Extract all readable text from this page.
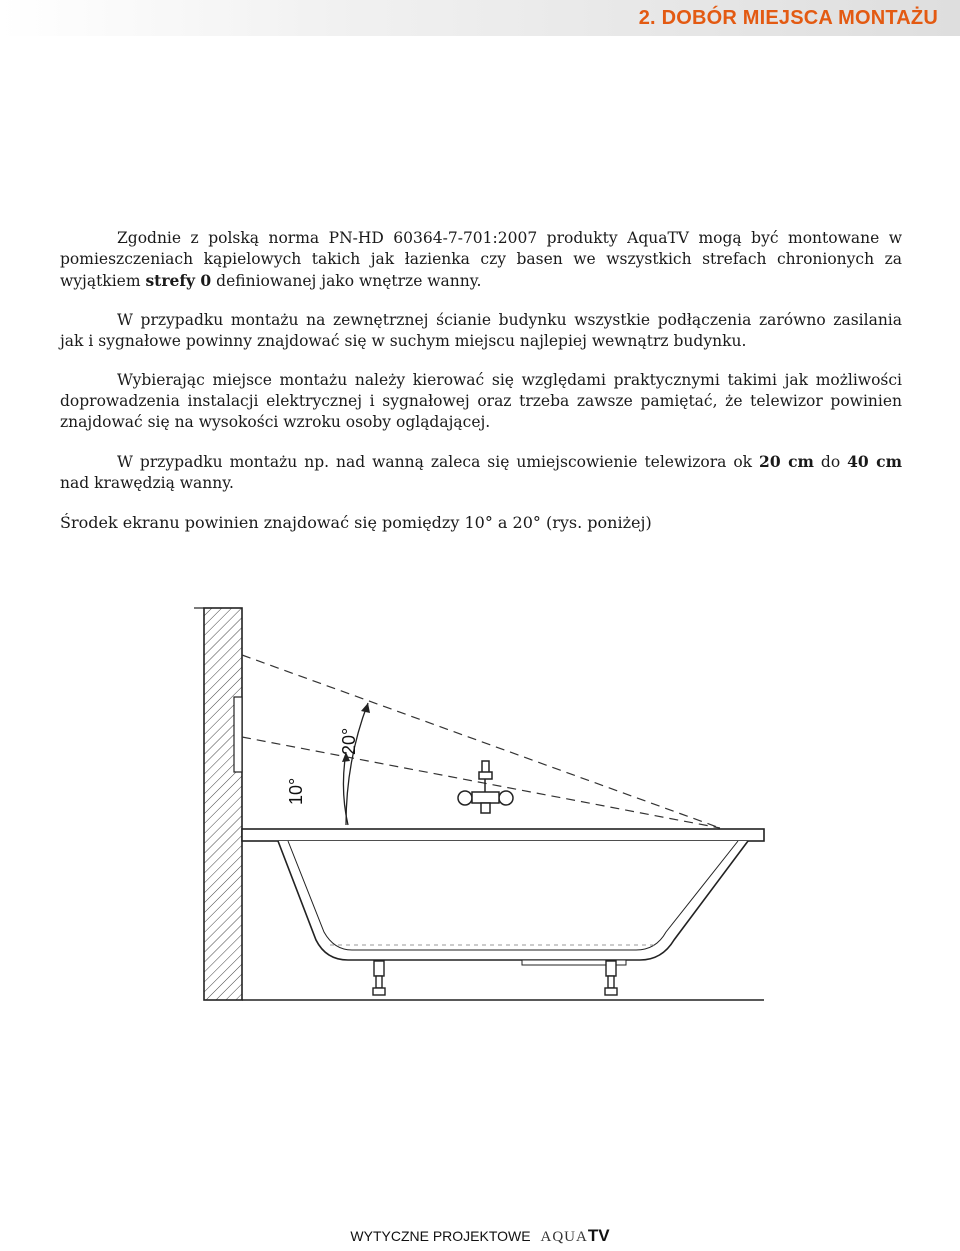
2. DOBÓR MIEJSCA MONTAŻU

Zgodnie z polską norma PN-HD 60364-7-701:2007 produkty AquaTV mogą być montowane w pomieszczeniach kąpielowych takich jak łazienka czy basen we wszystkich strefach chronionych za wyjątkiem strefy 0 definiowanej jako wnętrze wanny.

W przypadku montażu na zewnętrznej ścianie budynku wszystkie podłączenia zarówno zasilania jak i sygnałowe powinny znajdować się w suchym miejscu najlepiej wewnątrz budynku.

Wybierając miejsce montażu należy kierować się względami praktycznymi takimi jak możliwości doprowadzenia instalacji elektrycznej i sygnałowej oraz trzeba zawsze pamiętać, że telewizor powinien znajdować się na wysokości wzroku osoby oglądającej.

W przypadku montażu np. nad wanną zaleca się umiejscowienie telewizora ok 20 cm do 40 cm nad krawędzią wanny.

Środek ekranu powinien znajdować się pomiędzy 10° a 20° (rys. poniżej)

10°
20°
WYTYCZNE PROJEKTOWE AQUATV
